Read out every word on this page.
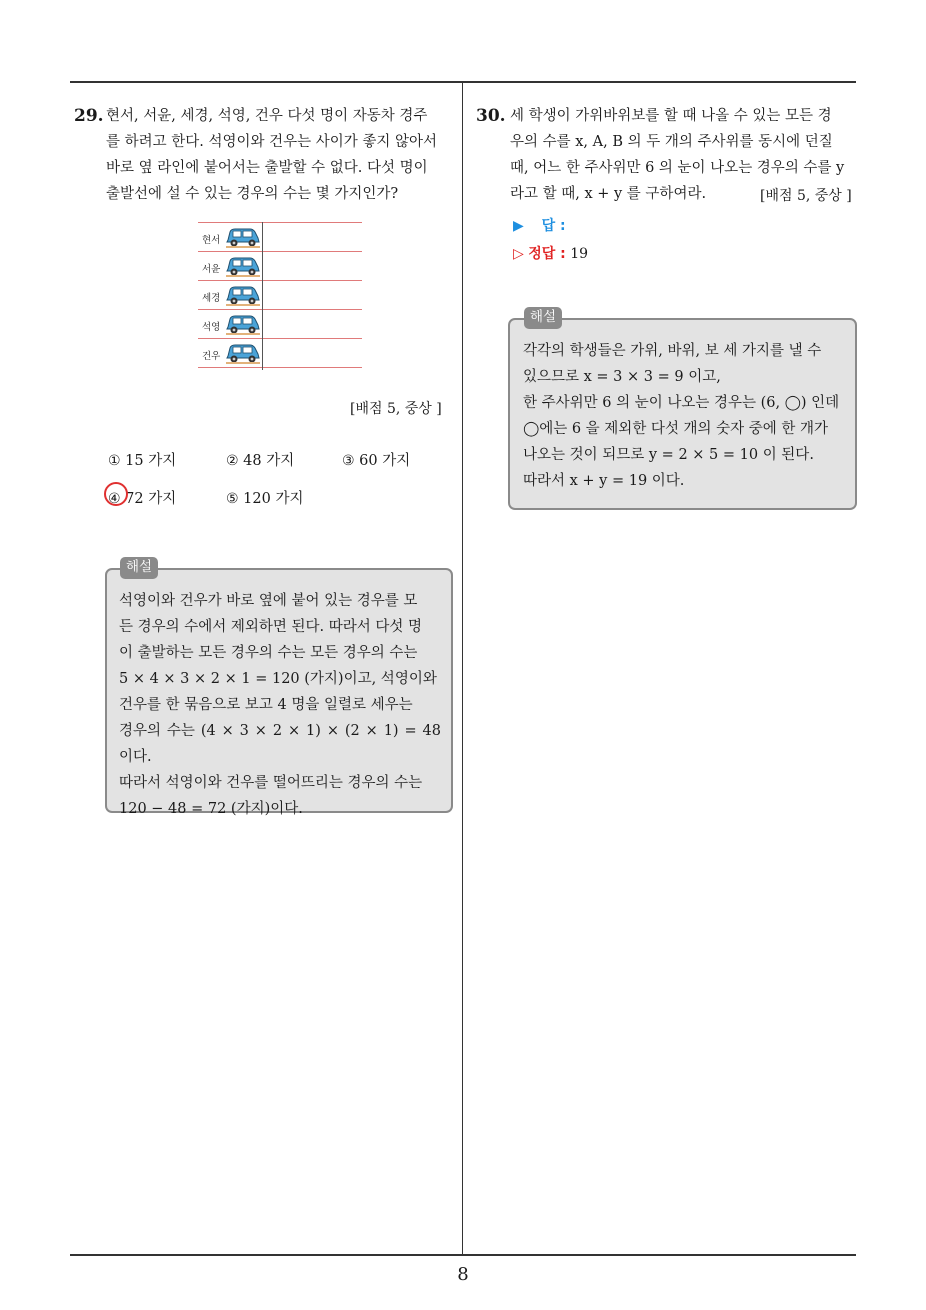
29. 현서, 서윤, 세경, 석영, 건우 다섯 명이 자동차 경주
를 하려고 한다. 석영이와 건우는 사이가 좋지 않아서
바로 옆 라인에 붙어서는 출발할 수 없다. 다섯 명이
출발선에 설 수 있는 경우의 수는 몇 가지인가?
현서
서윤
세경
석영
건우
[배점 5, 중상 ]
① 15 가지	② 48 가지	③ 60 가지
④ 72 가지	⑤ 120 가지
석영이와 건우가 바로 옆에 붙어 있는 경우를 모
든 경우의 수에서 제외하면 된다. 따라서 다섯 명
이 출발하는 모든 경우의 수는 모든 경우의 수는
5 × 4 × 3 × 2 × 1 = 120 (가지)이고, 석영이와
건우를 한 묶음으로 보고 4 명을 일렬로 세우는
경우의 수는 (4 × 3 × 2 × 1) × (2 × 1) = 48 이다.
따라서 석영이와 건우를 떨어뜨리는 경우의 수는
120 − 48 = 72 (가지)이다.
해설
30. 세 학생이 가위바위보를 할 때 나올 수 있는 모든 경
우의 수를 x, A, B 의 두 개의 주사위를 동시에 던질
때, 어느 한 주사위만 6 의 눈이 나오는 경우의 수를 y
라고 할 때, x + y 를 구하여라.	[배점 5, 중상 ]
▶ 답 :
▷ 정답 : 19
각각의 학생들은 가위, 바위, 보 세 가지를 낼 수
있으므로 x = 3 × 3 = 9 이고,
한 주사위만 6 의 눈이 나오는 경우는 (6, ◯) 인데
◯에는 6 을 제외한 다섯 개의 숫자 중에 한 개가
나오는 것이 되므로 y = 2 × 5 = 10 이 된다.
따라서 x + y = 19 이다.
해설
8
